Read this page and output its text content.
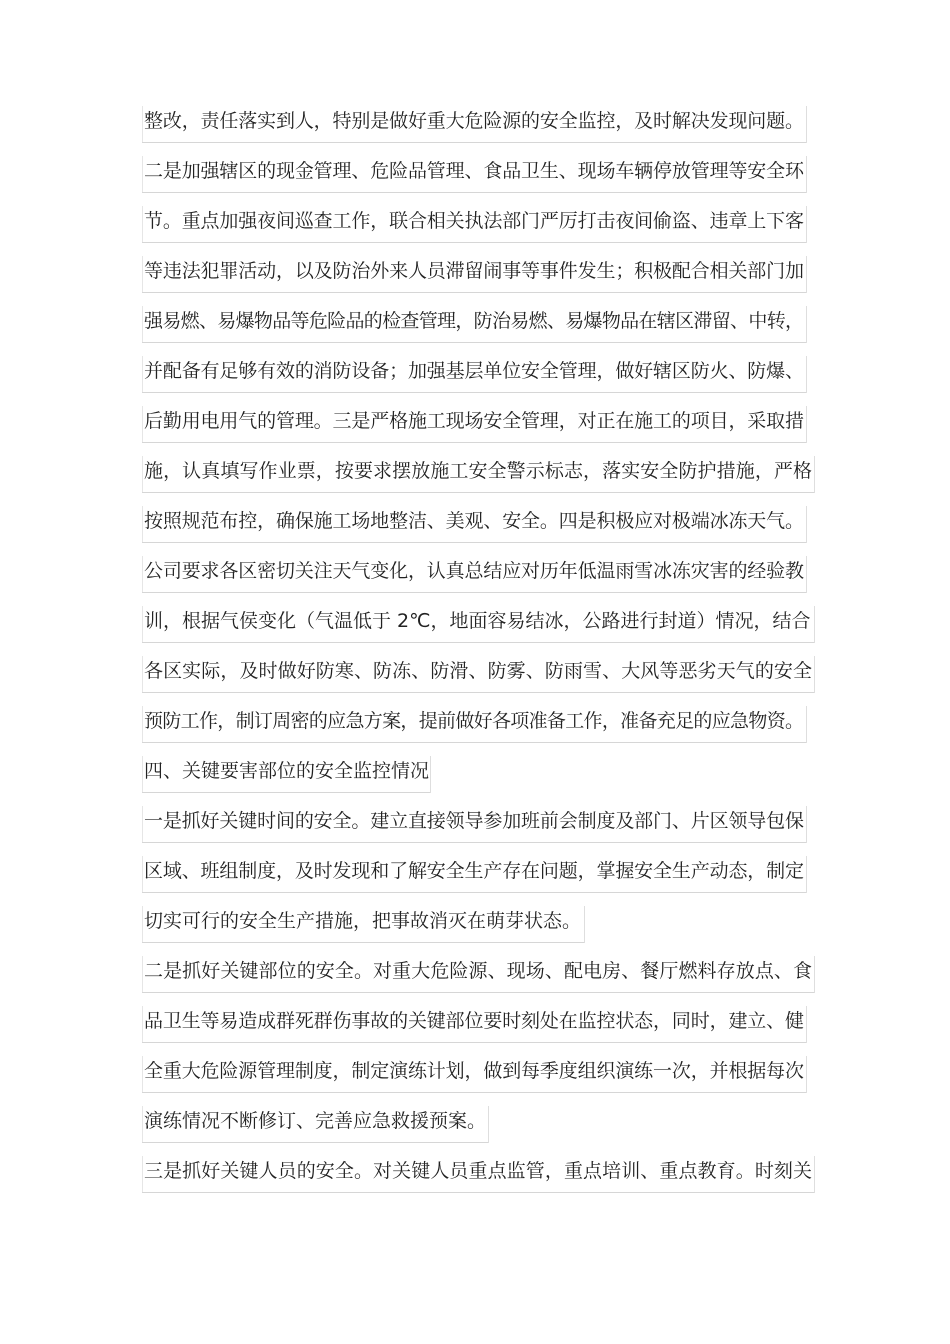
整改，责任落实到人，特别是做好重大危险源的安全监控，及时解决发现问题。
二是加强辖区的现金管理、危险品管理、食品卫生、现场车辆停放管理等安全环
节。重点加强夜间巡查工作，联合相关执法部门严厉打击夜间偷盗、违章上下客
等违法犯罪活动，以及防治外来人员滞留闹事等事件发生；积极配合相关部门加
强易燃、易爆物品等危险品的检查管理，防治易燃、易爆物品在辖区滞留、中转，
并配备有足够有效的消防设备；加强基层单位安全管理，做好辖区防火、防爆、
后勤用电用气的管理。三是严格施工现场安全管理，对正在施工的项目，采取措
施，认真填写作业票，按要求摆放施工安全警示标志，落实安全防护措施，严格
按照规范布控，确保施工场地整洁、美观、安全。四是积极应对极端冰冻天气。
公司要求各区密切关注天气变化，认真总结应对历年低温雨雪冰冻灾害的经验教
训，根据气侯变化（气温低于 2℃，地面容易结冰，公路进行封道）情况，结合
各区实际，及时做好防寒、防冻、防滑、防雾、防雨雪、大风等恶劣天气的安全
预防工作，制订周密的应急方案，提前做好各项准备工作，准备充足的应急物资。
四、关键要害部位的安全监控情况
一是抓好关键时间的安全。建立直接领导参加班前会制度及部门、片区领导包保
区域、班组制度，及时发现和了解安全生产存在问题，掌握安全生产动态，制定
切实可行的安全生产措施，把事故消灭在萌芽状态。
二是抓好关键部位的安全。对重大危险源、现场、配电房、餐厅燃料存放点、食
品卫生等易造成群死群伤事故的关键部位要时刻处在监控状态，同时，建立、健
全重大危险源管理制度，制定演练计划，做到每季度组织演练一次，并根据每次
演练情况不断修订、完善应急救援预案。
三是抓好关键人员的安全。对关键人员重点监管，重点培训、重点教育。时刻关
